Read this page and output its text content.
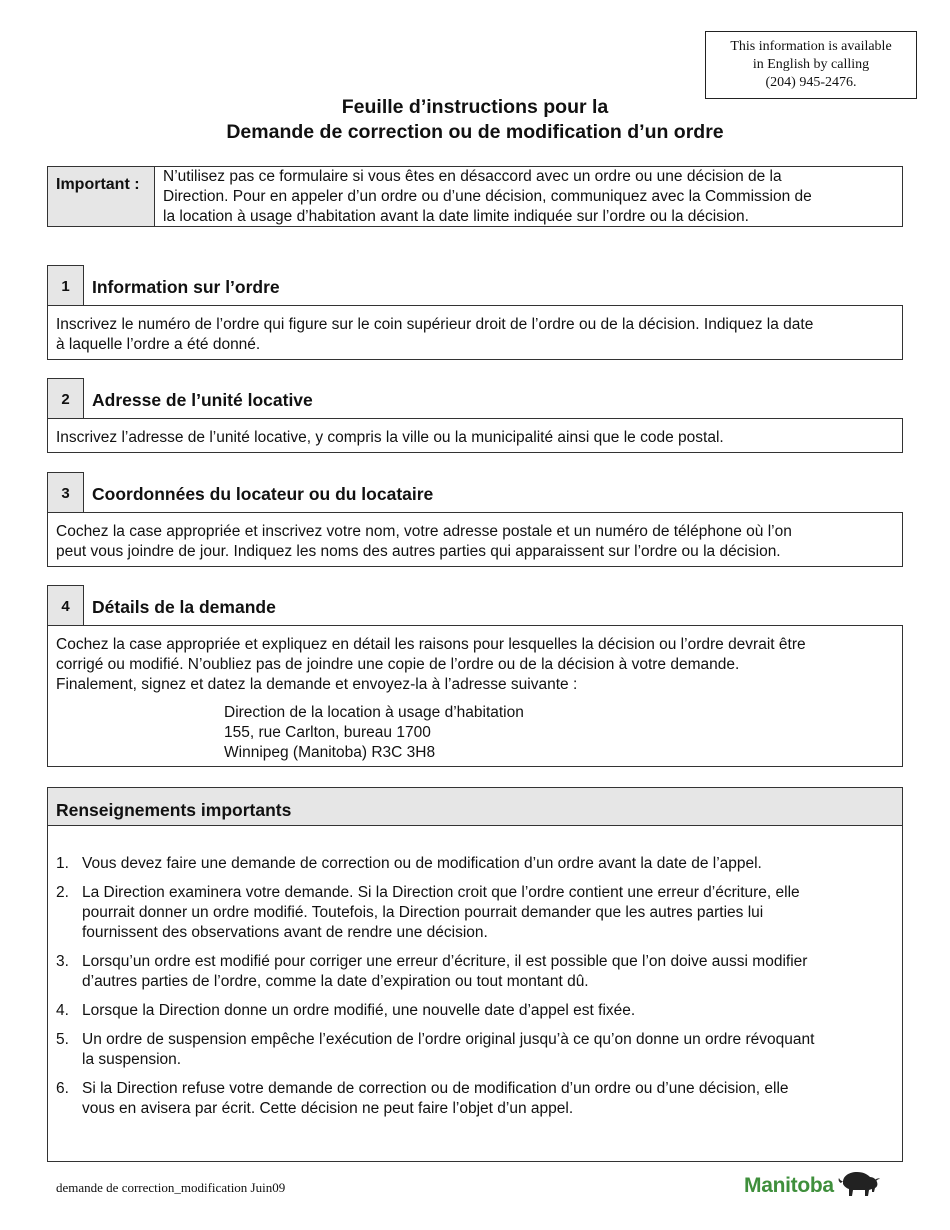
This information is available
in English by calling
(204) 945-2476.
Feuille d’instructions pour la
Demande de correction ou de modification d’un ordre
Important :	N’utilisez pas ce formulaire si vous êtes en désaccord avec un ordre ou une décision de la
Direction. Pour en appeler d’un ordre ou d’une décision, communiquez avec la Commission de
la location à usage d’habitation avant la date limite indiquée sur l’ordre ou la décision.
1	Information sur l’ordre
Inscrivez le numéro de l’ordre qui figure sur le coin supérieur droit de l’ordre ou de la décision. Indiquez la date
à laquelle l’ordre a été donné.
2	Adresse de l’unité locative
Inscrivez l’adresse de l’unité locative, y compris la ville ou la municipalité ainsi que le code postal.
3	Coordonnées du locateur ou du locataire
Cochez la case appropriée et inscrivez votre nom, votre adresse postale et un numéro de téléphone où l’on
peut vous joindre de jour. Indiquez les noms des autres parties qui apparaissent sur l’ordre ou la décision.
4	Détails de la demande
Cochez la case appropriée et expliquez en détail les raisons pour lesquelles la décision ou l’ordre devrait être
corrigé ou modifié. N’oubliez pas de joindre une copie de l’ordre ou de la décision à votre demande.
Finalement, signez et datez la demande et envoyez-la à l’adresse suivante :
Direction de la location à usage d’habitation
155, rue Carlton, bureau 1700
Winnipeg (Manitoba) R3C 3H8
Renseignements importants
1. Vous devez faire une demande de correction ou de modification d’un ordre avant la date de l’appel.
2. La Direction examinera votre demande. Si la Direction croit que l’ordre contient une erreur d’écriture, elle
pourrait donner un ordre modifié. Toutefois, la Direction pourrait demander que les autres parties lui
fournissent des observations avant de rendre une décision.
3. Lorsqu’un ordre est modifié pour corriger une erreur d’écriture, il est possible que l’on doive aussi modifier
d’autres parties de l’ordre, comme la date d’expiration ou tout montant dû.
4. Lorsque la Direction donne un ordre modifié, une nouvelle date d’appel est fixée.
5. Un ordre de suspension empêche l’exécution de l’ordre original jusqu’à ce qu’on donne un ordre révoquant
la suspension.
6. Si la Direction refuse votre demande de correction ou de modification d’un ordre ou d’une décision, elle
vous en avisera par écrit. Cette décision ne peut faire l’objet d’un appel.
demande de correction_modification Juin09	Manitoba
